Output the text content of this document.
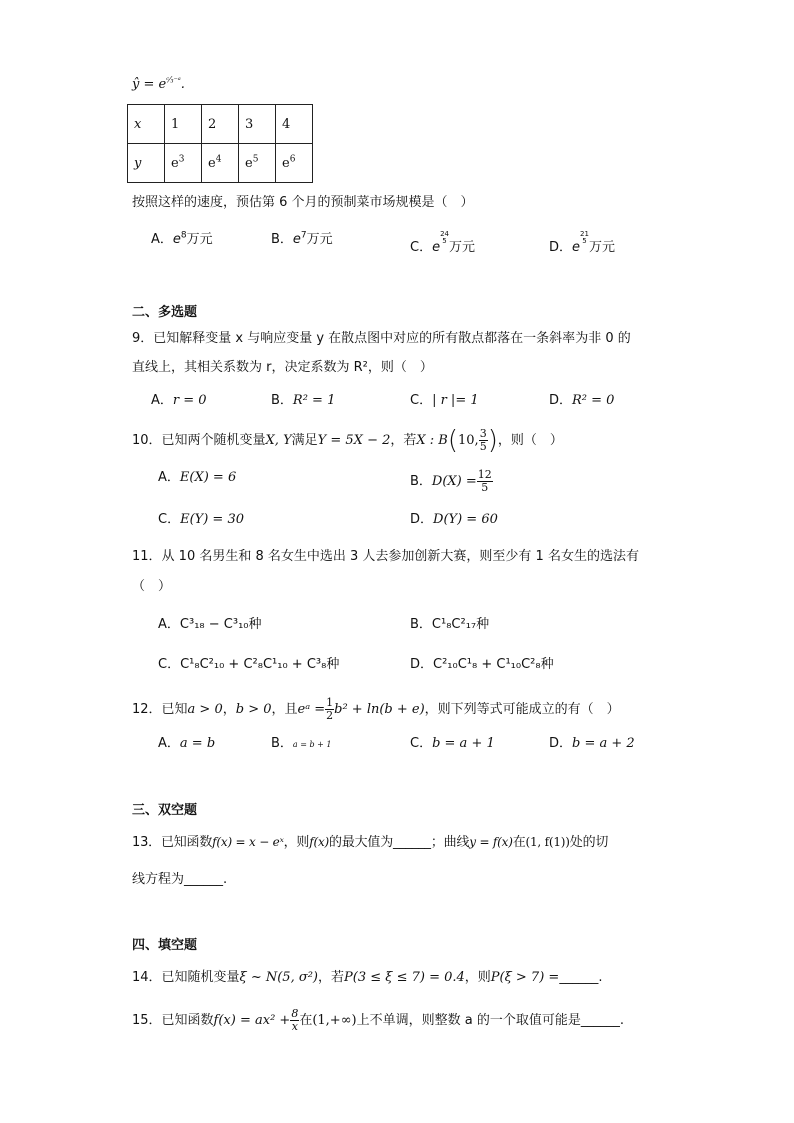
ŷ = $e^{ᶜ⁄_3^-ᵃ}$.
x	1	2	3	4
y	$e^3$	$e^4$	$e^5$	$e^6$
按照这样的速度，预估第 6 个月的预制菜市场规模是（　）
A．$e^8$万元	B．$e^7$万元
C．e
24
5 万元	D．e
21
5 万元
二、多选题
9．已知解释变量 x 与响应变量 y 在散点图中对应的所有散点都落在一条斜率为非 0 的
直线上，其相关系数为 r，决定系数为 R²，则（　）
A．r = 0	B．R² = 1	C．| r |= 1	D．R² = 0
10．已知两个随机变量X, Y满足Y = 5X − 2，若X : B(10, $\frac{3}{5}$ )，则（　）
A．E(X) = 6	B．$D(X) = \frac{12}{5}$
C．E(Y) = 30	D．D(Y) = 60
11．从 10 名男生和 8 名女生中选出 3 人去参加创新大赛，则至少有 1 名女生的选法有
（　）
A．C³₁₈ − C³₁₀种	B．C¹₈C²₁₇种
C．C¹₈C²₁₀ + C²₈C¹₁₀ + C³₈种	D．C²₁₀C¹₈ + C¹₁₀C²₈种
12．已知a > 0，b > 0，且eᵃ = $\frac{1}{2} b^2 + \ln(b + e)$，则下列等式可能成立的有（　）
A．a = b	B．a = b + 1	C．b = a + 1	D．b = a + 2
三、双空题
13．已知函数f(x) = x − eˣ，则f(x)的最大值为______；曲线y = f(x)在(1, f(1))处的切
线方程为______.
四、填空题
14．已知随机变量ξ ~ N(5, σ²)，若P(3 ≤ ξ ≤ 7) = 0.4，则P(ξ > 7) =______.
15．已知函数$f(x) = ax^2 + \frac{8}{x}$ 在(1,+∞)上不单调，则整数 a 的一个取值可能是______.
